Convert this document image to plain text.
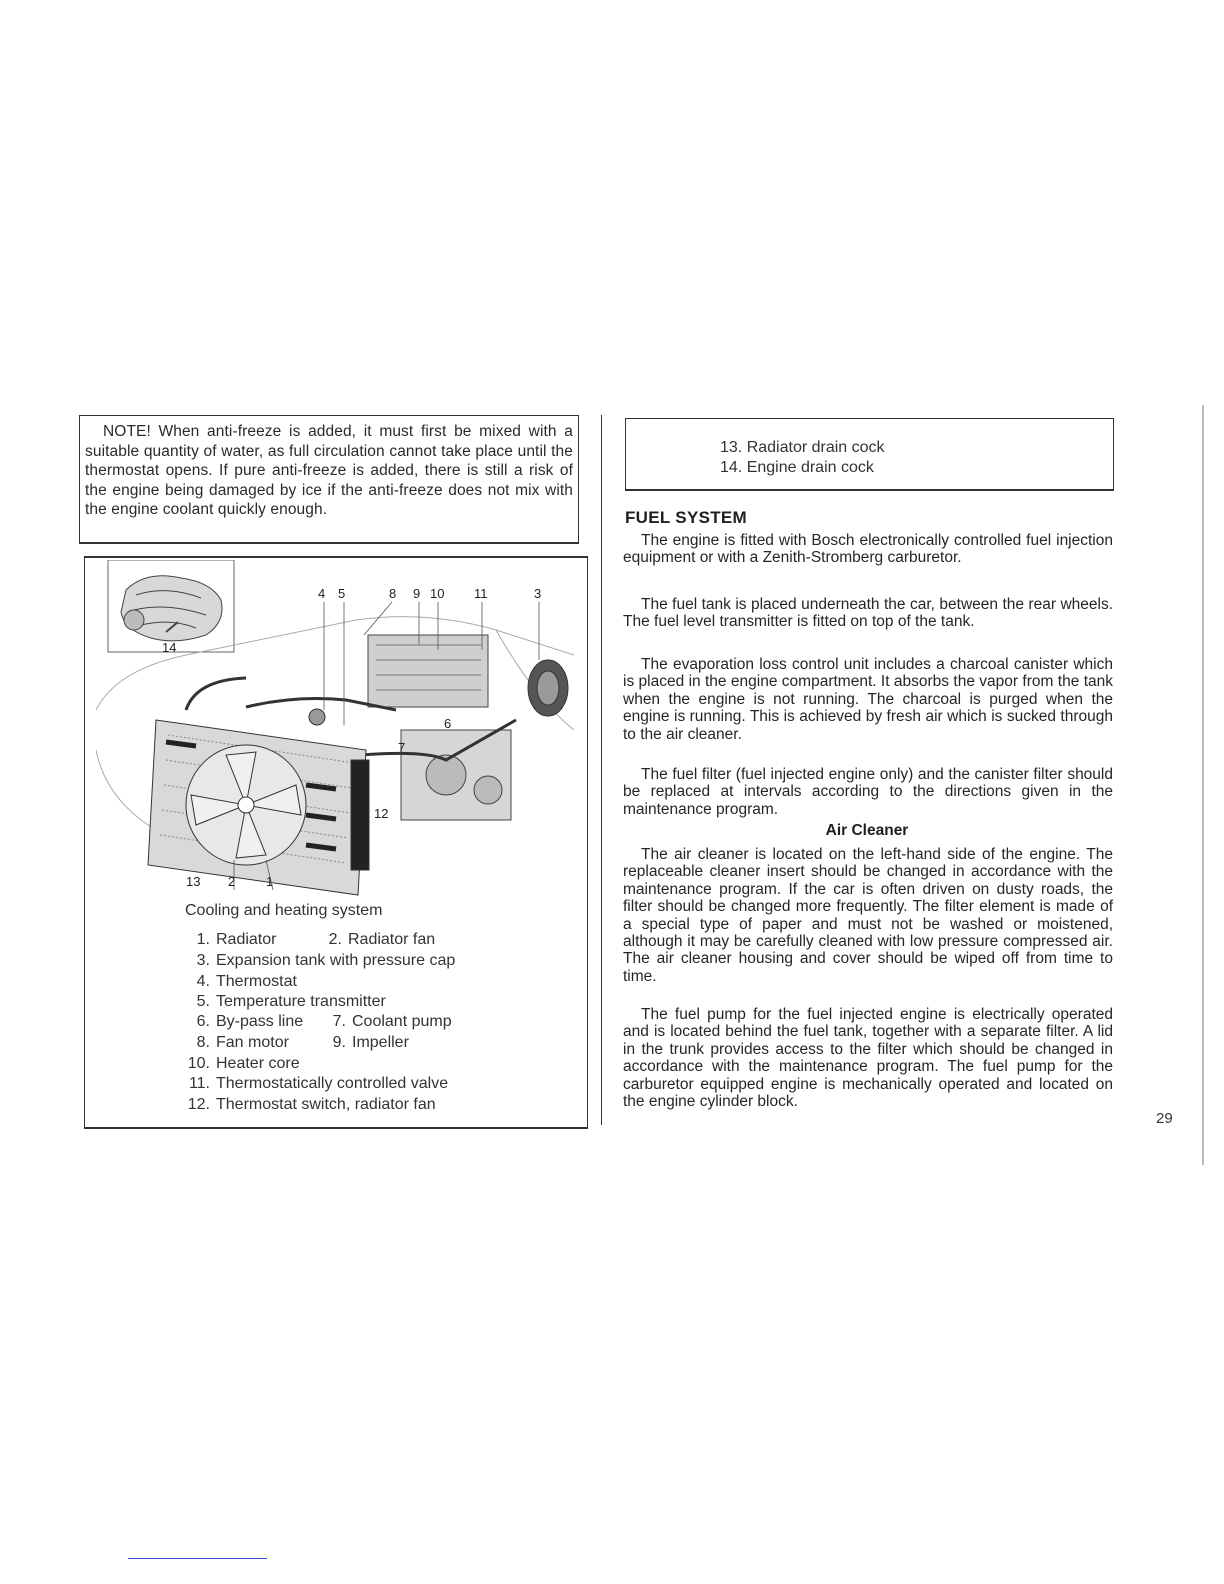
NOTE! When anti-freeze is added, it must first be mixed with a suitable quantity of water, as full circulation cannot take place until the thermostat opens. If pure anti-freeze is added, there is still a risk of the engine being damaged by ice if the anti-freeze does not mix with the engine coolant quickly enough.
14
4 5	8 9 10 11	3
6
7
12
13 2 1
Cooling and heating system
1. Radiator	2. Radiator fan
3. Expansion tank with pressure cap
4. Thermostat
5. Temperature transmitter
6. By-pass line 7. Coolant pump
8. Fan motor	9. Impeller
10. Heater core
11. Thermostatically controlled valve
12. Thermostat switch, radiator fan
13. Radiator drain cock
14. Engine drain cock
FUEL SYSTEM
The engine is fitted with Bosch electronically controlled fuel injection equipment or with a Zenith-Stromberg carburetor.
The fuel tank is placed underneath the car, between the rear wheels. The fuel level transmitter is fitted on top of the tank.
The evaporation loss control unit includes a charcoal canister which is placed in the engine compartment. It absorbs the vapor from the tank when the engine is not running. The charcoal is purged when the engine is running. This is achieved by fresh air which is sucked through to the air cleaner.
The fuel filter (fuel injected engine only) and the canister filter should be replaced at intervals according to the directions given in the maintenance program.
Air Cleaner
The air cleaner is located on the left-hand side of the engine. The replaceable cleaner insert should be changed in accordance with the maintenance program. If the car is often driven on dusty roads, the filter should be changed more frequently. The filter element is made of a special type of paper and must not be washed or moistened, although it may be carefully cleaned with low pressure compressed air. The air cleaner housing and cover should be wiped off from time to time.
The fuel pump for the fuel injected engine is electrically operated and is located behind the fuel tank, together with a separate filter. A lid in the trunk provides access to the filter which should be changed in accordance with the maintenance program. The fuel pump for the carburetor equipped engine is mechanically operated and located on the engine cylinder block.
29
